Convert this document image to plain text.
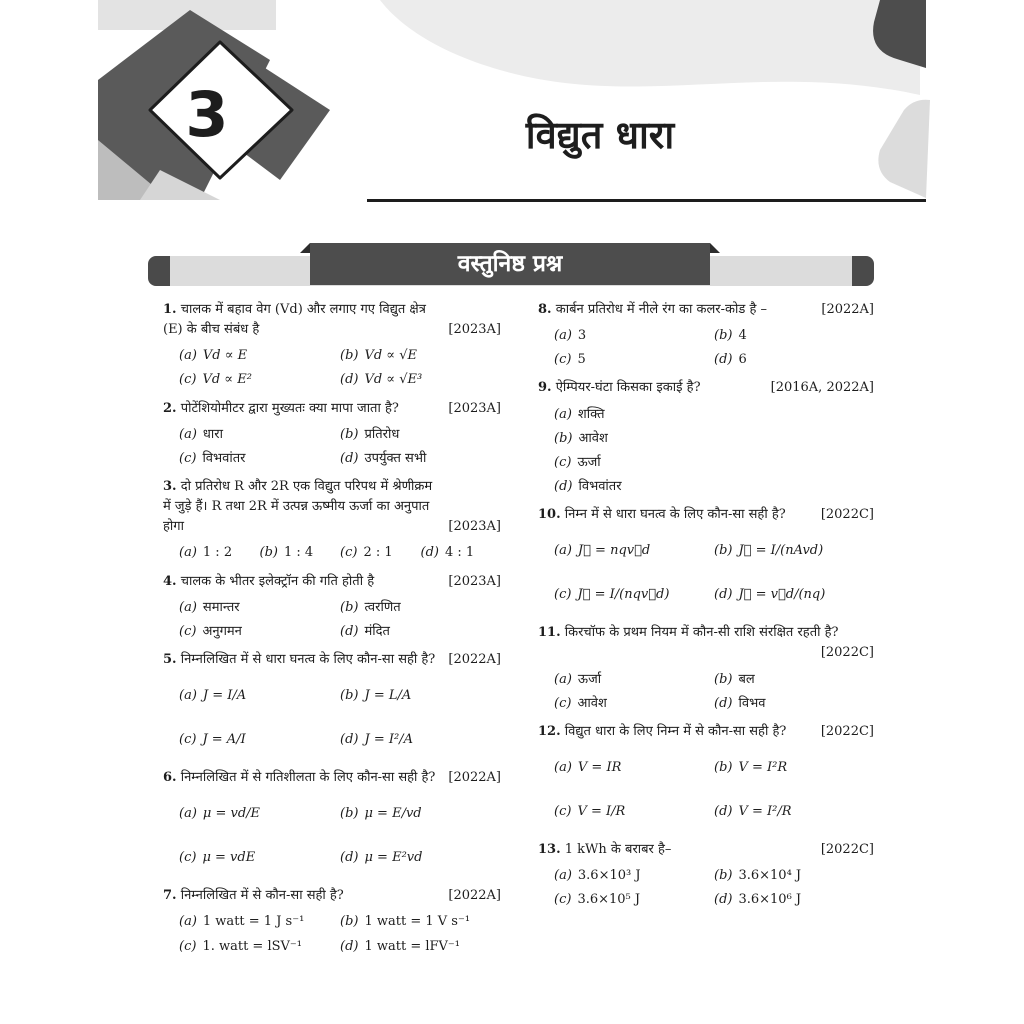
3	विद्युत धारा
वस्तुनिष्ठ प्रश्न
1. चालक में बहाव वेग (Vd) और लगाए गए विद्युत क्षेत्र (E) के बीच संबंध है	[2023A]
(a) Vd ∝ E	(b) Vd ∝ √E
(c) Vd ∝ E²	(d) Vd ∝ √E³
2. पोटेंशियोमीटर द्वारा मुख्यतः क्या मापा जाता है?	[2023A]
(a) धारा	(b) प्रतिरोध
(c) विभवांतर	(d) उपर्युक्त सभी
3. दो प्रतिरोध R और 2R एक विद्युत परिपथ में श्रेणीक्रम में जुड़े हैं। R तथा 2R में उत्पन्न ऊष्मीय ऊर्जा का अनुपात होगा	[2023A]
(a) 1 : 2 (b) 1 : 4 (c) 2 : 1 (d) 4 : 1
4. चालक के भीतर इलेक्ट्रॉन की गति होती है	[2023A]
(a) समान्तर	(b) त्वरणित
(c) अनुगमन	(d) मंदित
5. निम्नलिखित में से धारा घनत्व के लिए कौन-सा सही है?	[2022A]
(a) J = I/A	(b) J = L/A
(c) J = A/I	(d) J = I²/A
6. निम्नलिखित में से गतिशीलता के लिए कौन-सा सही है? [2022A]
(a) μ = vd/E	(b) μ = E/vd
(c) μ = vdE	(d) μ = E²vd
7. निम्नलिखित में से कौन-सा सही है?	[2022A]
(a) 1 watt = 1 J s⁻¹	(b) 1 watt = 1 V s⁻¹
(c) 1. watt = lSV⁻¹	(d) 1 watt = lFV⁻¹
8. कार्बन प्रतिरोध में नीले रंग का कलर-कोड है –	[2022A]
(a) 3	(b) 4
(c) 5	(d) 6
9. ऐम्पियर-घंटा किसका इकाई है?	[2016A, 2022A]
(a) शक्ति
(b) आवेश
(c) ऊर्जा
(d) विभवांतर
10. निम्न में से धारा घनत्व के लिए कौन-सा सही है?	[2022C]
(a) J⃗ = nqv⃗d	(b) J⃗ = I/(nAvd)
(c) J⃗ = I/(nqv⃗d)	(d) J⃗ = v⃗d/(nq)
11. किरचॉफ के प्रथम नियम में कौन-सी राशि संरक्षित रहती है?
[2022C]
(a) ऊर्जा	(b) बल
(c) आवेश	(d) विभव
12. विद्युत धारा के लिए निम्न में से कौन-सा सही है?	[2022C]
(a) V = IR	(b) V = I²R
(c) V = I/R	(d) V = I²/R
13. 1 kWh के बराबर है–	[2022C]
(a) 3.6×10³ J	(b) 3.6×10⁴ J
(c) 3.6×10⁵ J	(d) 3.6×10⁶ J
